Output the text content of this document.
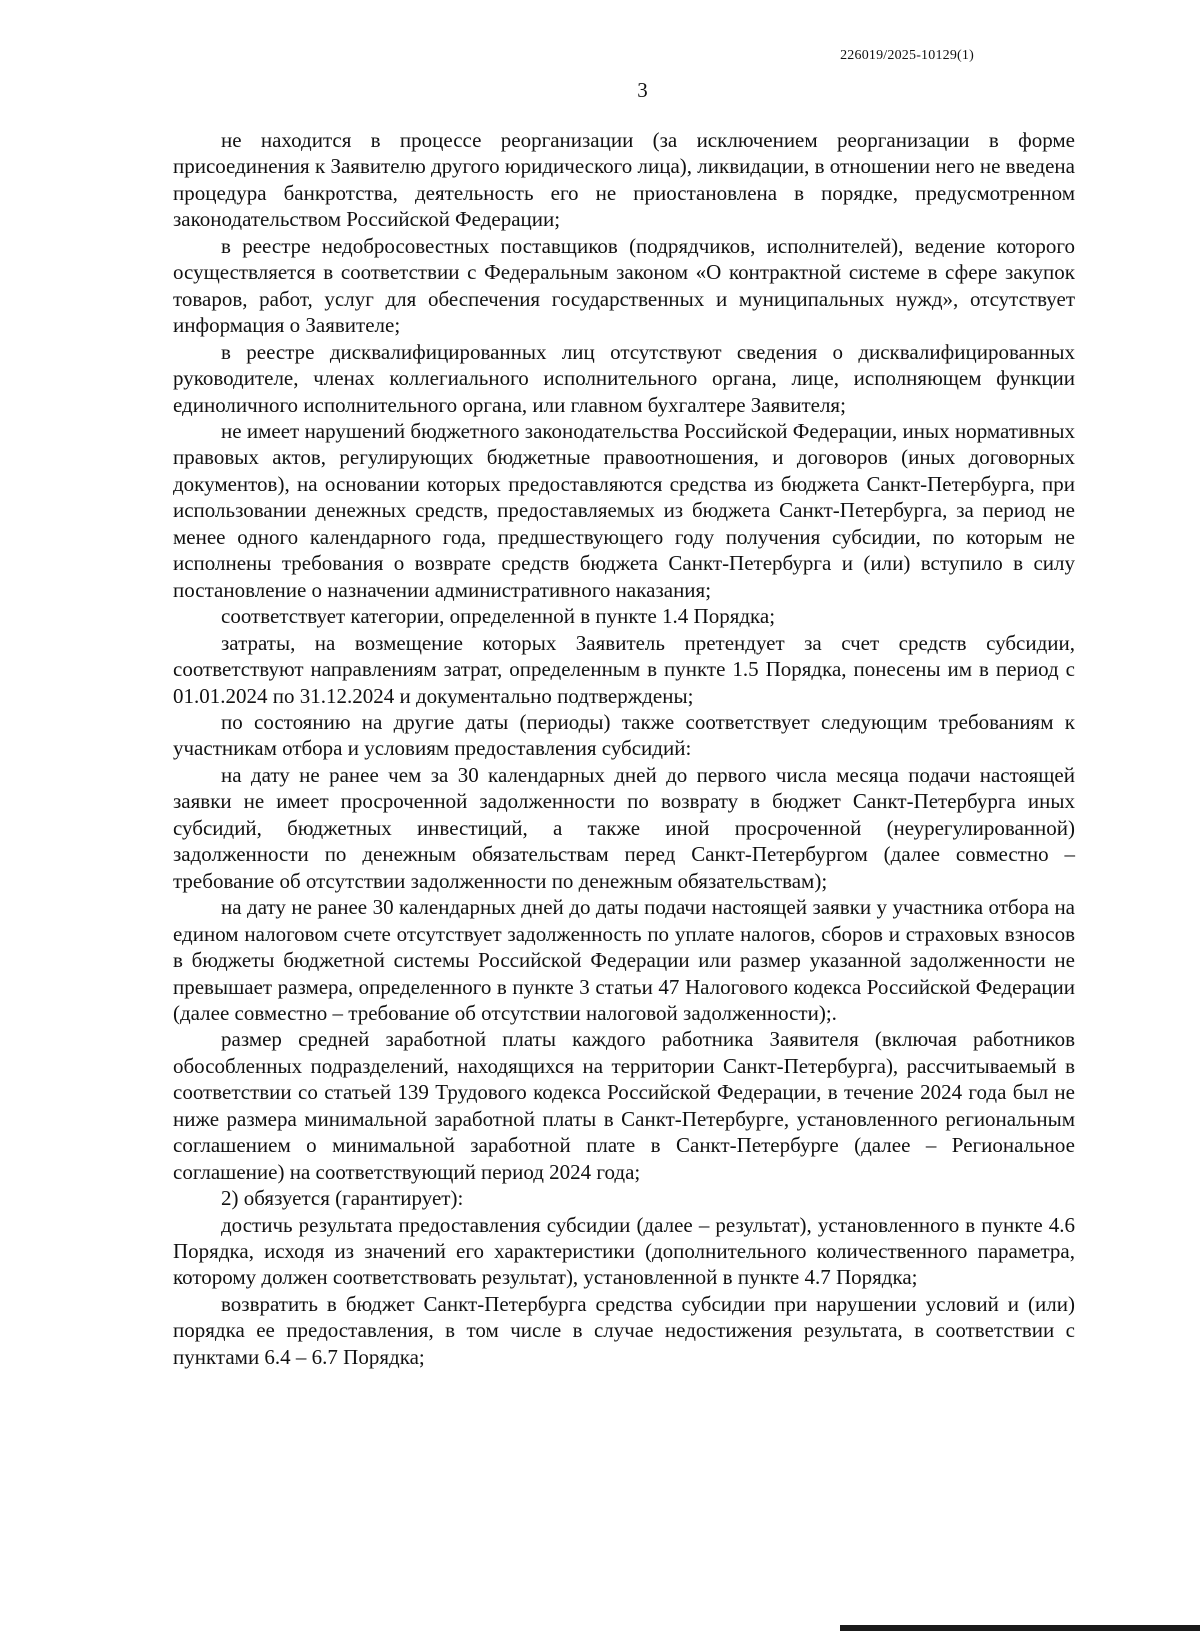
226019/2025-10129(1)
3

не находится в процессе реорганизации (за исключением реорганизации в форме присоединения к Заявителю другого юридического лица), ликвидации, в отношении него не введена процедура банкротства, деятельность его не приостановлена в порядке, предусмотренном законодательством Российской Федерации;

в реестре недобросовестных поставщиков (подрядчиков, исполнителей), ведение которого осуществляется в соответствии с Федеральным законом «О контрактной системе в сфере закупок товаров, работ, услуг для обеспечения государственных и муниципальных нужд», отсутствует информация о Заявителе;

в реестре дисквалифицированных лиц отсутствуют сведения о дисквалифицированных руководителе, членах коллегиального исполнительного органа, лице, исполняющем функции единоличного исполнительного органа, или главном бухгалтере Заявителя;

не имеет нарушений бюджетного законодательства Российской Федерации, иных нормативных правовых актов, регулирующих бюджетные правоотношения, и договоров (иных договорных документов), на основании которых предоставляются средства из бюджета Санкт-Петербурга, при использовании денежных средств, предоставляемых из бюджета Санкт-Петербурга, за период не менее одного календарного года, предшествующего году получения субсидии, по которым не исполнены требования о возврате средств бюджета Санкт-Петербурга и (или) вступило в силу постановление о назначении административного наказания;

соответствует категории, определенной в пункте 1.4 Порядка;

затраты, на возмещение которых Заявитель претендует за счет средств субсидии, соответствуют направлениям затрат, определенным в пункте 1.5 Порядка, понесены им в период с 01.01.2024 по 31.12.2024 и документально подтверждены;

по состоянию на другие даты (периоды) также соответствует следующим требованиям к участникам отбора и условиям предоставления субсидий:

на дату не ранее чем за 30 календарных дней до первого числа месяца подачи настоящей заявки не имеет просроченной задолженности по возврату в бюджет Санкт-Петербурга иных субсидий, бюджетных инвестиций, а также иной просроченной (неурегулированной) задолженности по денежным обязательствам перед Санкт-Петербургом (далее совместно – требование об отсутствии задолженности по денежным обязательствам);

на дату не ранее 30 календарных дней до даты подачи настоящей заявки у участника отбора на едином налоговом счете отсутствует задолженность по уплате налогов, сборов и страховых взносов в бюджеты бюджетной системы Российской Федерации или размер указанной задолженности не превышает размера, определенного в пункте 3 статьи 47 Налогового кодекса Российской Федерации (далее совместно – требование об отсутствии налоговой задолженности);.

размер средней заработной платы каждого работника Заявителя (включая работников обособленных подразделений, находящихся на территории Санкт-Петербурга), рассчитываемый в соответствии со статьей 139 Трудового кодекса Российской Федерации, в течение 2024 года был не ниже размера минимальной заработной платы в Санкт-Петербурге, установленного региональным соглашением о минимальной заработной плате в Санкт-Петербурге (далее – Региональное соглашение) на соответствующий период 2024 года;

2) обязуется (гарантирует):

достичь результата предоставления субсидии (далее – результат), установленного в пункте 4.6 Порядка, исходя из значений его характеристики (дополнительного количественного параметра, которому должен соответствовать результат), установленной в пункте 4.7 Порядка;

возвратить в бюджет Санкт-Петербурга средства субсидии при нарушении условий и (или) порядка ее предоставления, в том числе в случае недостижения результата, в соответствии с пунктами 6.4 – 6.7 Порядка;
